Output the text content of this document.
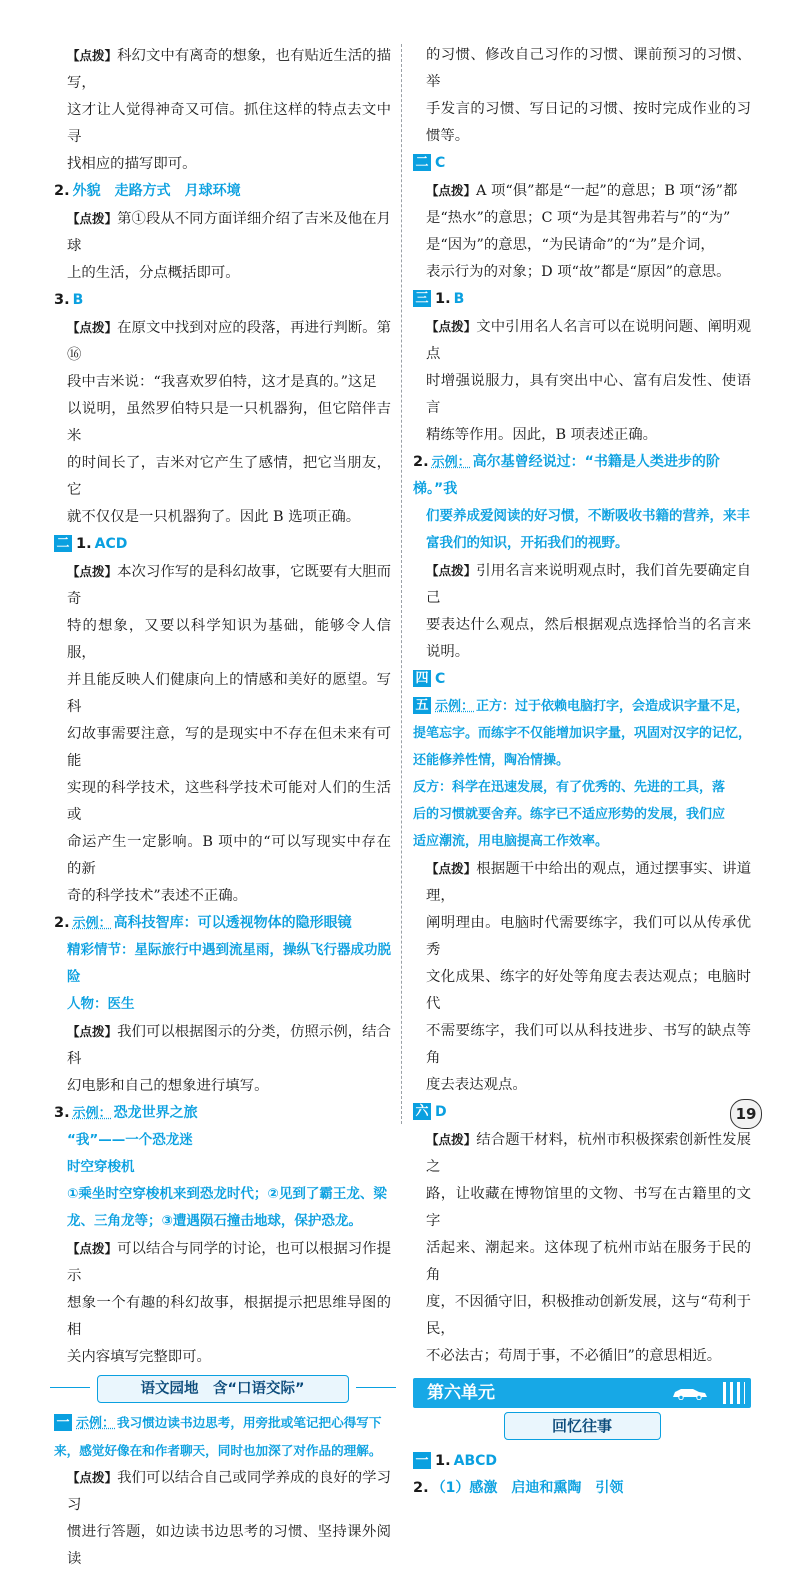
【点拨】科幻文中有离奇的想象，也有贴近生活的描写，

这才让人觉得神奇又可信。抓住这样的特点去文中寻

找相应的描写即可。

2. 外貌　走路方式　月球环境

【点拨】第①段从不同方面详细介绍了吉米及他在月球

上的生活，分点概括即可。

3. B

【点拨】在原文中找到对应的段落，再进行判断。第⑯

段中吉米说：“我喜欢罗伯特，这才是真的。”这足

以说明，虽然罗伯特只是一只机器狗，但它陪伴吉米

的时间长了，吉米对它产生了感情，把它当朋友，它

就不仅仅是一只机器狗了。因此 B 选项正确。

二 1. ACD

【点拨】本次习作写的是科幻故事，它既要有大胆而奇

特的想象，又要以科学知识为基础，能够令人信服，

并且能反映人们健康向上的情感和美好的愿望。写科

幻故事需要注意，写的是现实中不存在但未来有可能

实现的科学技术，这些科学技术可能对人们的生活或

命运产生一定影响。B 项中的“可以写现实中存在的新

奇的科学技术”表述不正确。

2. 示例： 高科技智库：可以透视物体的隐形眼镜

精彩情节：星际旅行中遇到流星雨，操纵飞行器成功脱险

人物：医生

【点拨】我们可以根据图示的分类，仿照示例，结合科

幻电影和自己的想象进行填写。

3. 示例： 恐龙世界之旅

“我”——一个恐龙迷

时空穿梭机

①乘坐时空穿梭机来到恐龙时代；②见到了霸王龙、梁

龙、三角龙等；③遭遇陨石撞击地球，保护恐龙。

【点拨】可以结合与同学的讨论，也可以根据习作提示

想象一个有趣的科幻故事，根据提示把思维导图的相

关内容填写完整即可。

语文园地　含“口语交际”

一 示例： 我习惯边读书边思考，用旁批或笔记把心得写下

来，感觉好像在和作者聊天，同时也加深了对作品的理解。

【点拨】我们可以结合自己或同学养成的良好的学习习

惯进行答题，如边读书边思考的习惯、坚持课外阅读

的习惯、修改自己习作的习惯、课前预习的习惯、举

手发言的习惯、写日记的习惯、按时完成作业的习惯等。

二 C

【点拨】A 项“俱”都是“一起”的意思；B 项“汤”都

是“热水”的意思；C 项“为是其智弗若与”的“为”

是“因为”的意思，“为民请命”的“为”是介词，

表示行为的对象；D 项“故”都是“原因”的意思。

三 1. B

【点拨】文中引用名人名言可以在说明问题、阐明观点

时增强说服力，具有突出中心、富有启发性、使语言

精练等作用。因此，B 项表述正确。

2. 示例： 高尔基曾经说过：“书籍是人类进步的阶梯。”我

们要养成爱阅读的好习惯，不断吸收书籍的营养，来丰

富我们的知识，开拓我们的视野。

【点拨】引用名言来说明观点时，我们首先要确定自己

要表达什么观点，然后根据观点选择恰当的名言来说明。

四 C

五 示例： 正方：过于依赖电脑打字，会造成识字量不足，

提笔忘字。而练字不仅能增加识字量，巩固对汉字的记忆，

还能修养性情，陶冶情操。

反方：科学在迅速发展，有了优秀的、先进的工具，落

后的习惯就要舍弃。练字已不适应形势的发展，我们应

适应潮流，用电脑提高工作效率。

【点拨】根据题干中给出的观点，通过摆事实、讲道理，

阐明理由。电脑时代需要练字，我们可以从传承优秀

文化成果、练字的好处等角度去表达观点；电脑时代

不需要练字，我们可以从科技进步、书写的缺点等角

度去表达观点。

六 D

【点拨】结合题干材料，杭州市积极探索创新性发展之

路，让收藏在博物馆里的文物、书写在古籍里的文字

活起来、潮起来。这体现了杭州市站在服务于民的角

度，不因循守旧，积极推动创新发展，这与“苟利于民，

不必法古；苟周于事，不必循旧”的意思相近。

第六单元
回忆往事

一 1. ABCD

2. （1）感激　启迪和熏陶　引领

19
